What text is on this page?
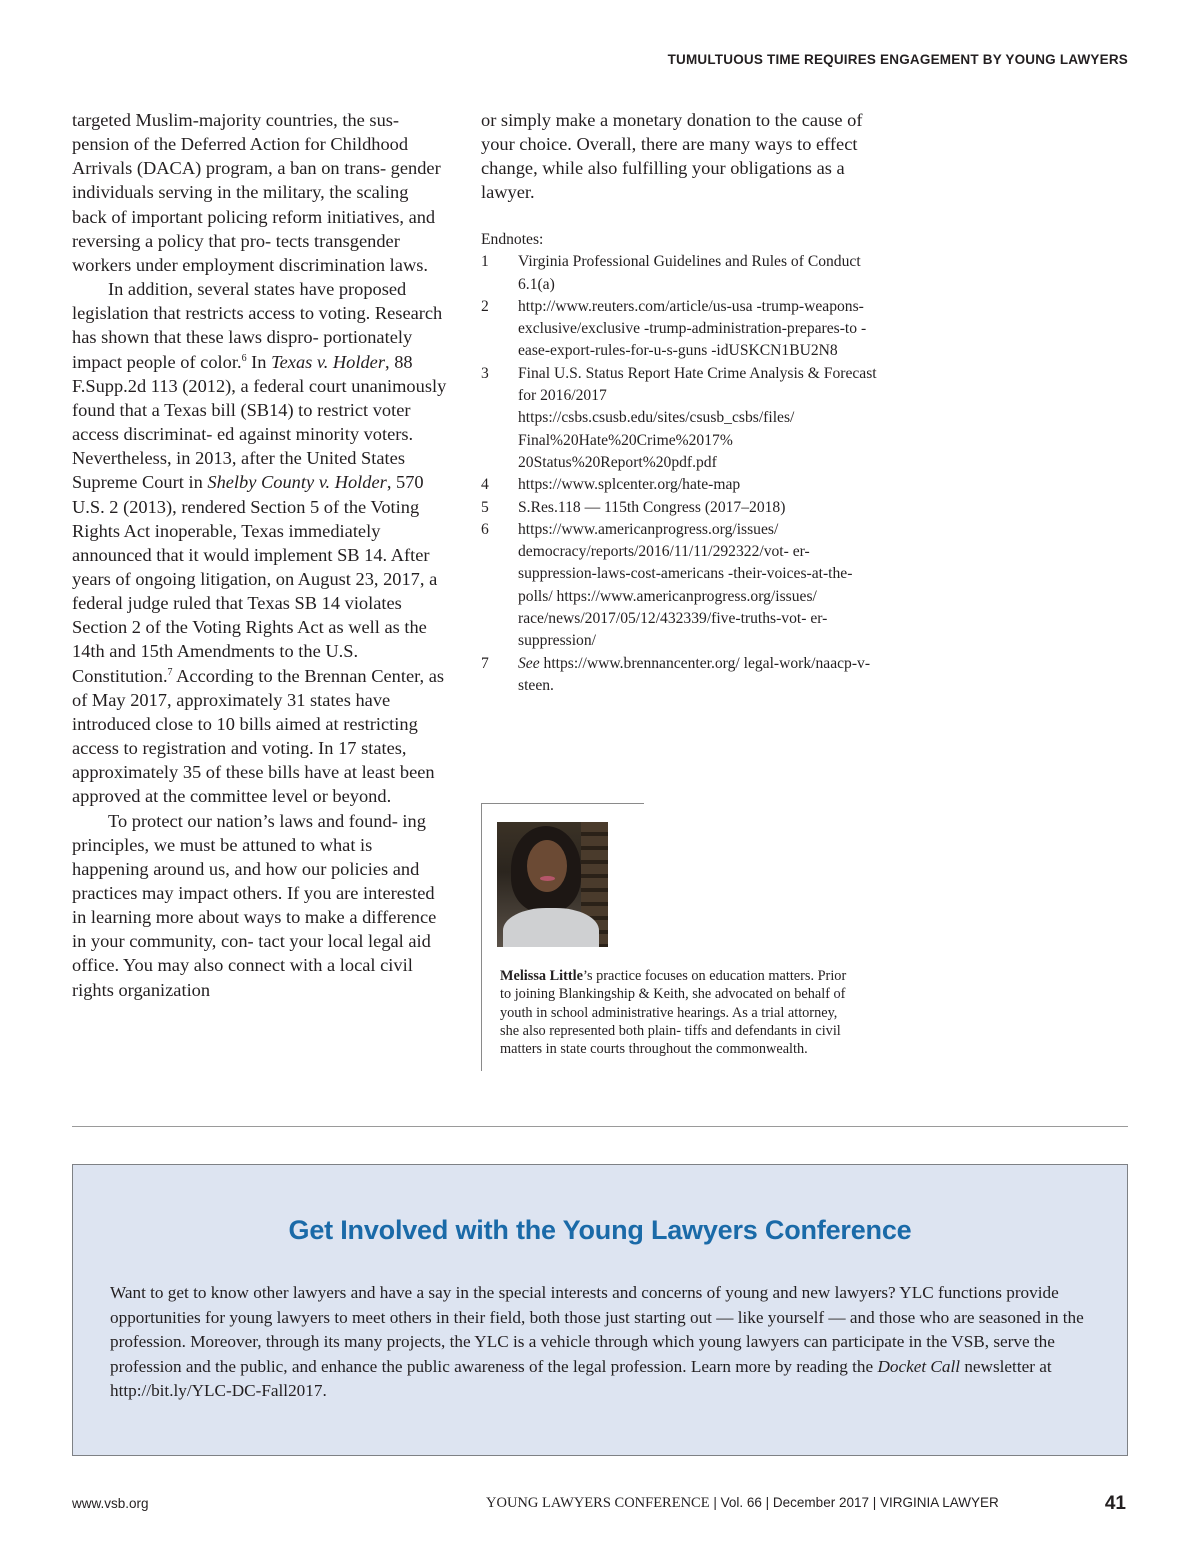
TUMULTUOUS TIME REQUIRES ENGAGEMENT BY YOUNG LAWYERS

targeted Muslim-majority countries, the sus- pension of the Deferred Action for Childhood Arrivals (DACA) program, a ban on trans- gender individuals serving in the military, the scaling back of important policing reform initiatives, and reversing a policy that pro- tects transgender workers under employment discrimination laws.

In addition, several states have proposed legislation that restricts access to voting. Research has shown that these laws dispro- portionately impact people of color.$^6$ In Texas v. Holder, 88 F.Supp.2d 113 (2012), a federal court unanimously found that a Texas bill (SB14) to restrict voter access discriminat- ed against minority voters. Nevertheless, in 2013, after the United States Supreme Court in Shelby County v. Holder, 570 U.S. 2 (2013), rendered Section 5 of the Voting Rights Act inoperable, Texas immediately announced that it would implement SB 14. After years of ongoing litigation, on August 23, 2017, a federal judge ruled that Texas SB 14 violates Section 2 of the Voting Rights Act as well as the 14th and 15th Amendments to the U.S. Constitution.$^7$ According to the Brennan Center, as of May 2017, approximately 31 states have introduced close to 10 bills aimed at restricting access to registration and voting. In 17 states, approximately 35 of these bills have at least been approved at the committee level or beyond.

To protect our nation’s laws and found- ing principles, we must be attuned to what is happening around us, and how our policies and practices may impact others. If you are interested in learning more about ways to make a difference in your community, con- tact your local legal aid office. You may also connect with a local civil rights organization

or simply make a monetary donation to the cause of your choice. Overall, there are many ways to effect change, while also fulfilling your obligations as a lawyer.

Endnotes:

1	Virginia Professional Guidelines and Rules of Conduct 6.1(a)
2	http://www.reuters.com/article/us-usa -trump-weapons-exclusive/exclusive -trump-administration-prepares-to -ease-export-rules-for-u-s-guns -idUSKCN1BU2N8
3	Final U.S. Status Report Hate Crime Analysis & Forecast for 2016/2017 https://csbs.csusb.edu/sites/csusb_csbs/files/ Final%20Hate%20Crime%2017% 20Status%20Report%20pdf.pdf
4	https://www.splcenter.org/hate-map
5	S.Res.118 — 115th Congress (2017–2018)
6	https://www.americanprogress.org/issues/ democracy/reports/2016/11/11/292322/vot- er-suppression-laws-cost-americans -their-voices-at-the-polls/ https://www.americanprogress.org/issues/ race/news/2017/05/12/432339/five-truths-vot- er-suppression/
7	See https://www.brennancenter.org/ legal-work/naacp-v-steen.
Melissa Little’s practice focuses on education matters. Prior to joining Blankingship & Keith, she advocated on behalf of youth in school administrative hearings. As a trial attorney, she also represented both plain- tiffs and defendants in civil matters in state courts throughout the commonwealth.
Get Involved with the Young Lawyers Conference
Want to get to know other lawyers and have a say in the special interests and concerns of young and new lawyers? YLC functions provide opportunities for young lawyers to meet others in their field, both those just starting out — like yourself — and those who are seasoned in the profession. Moreover, through its many projects, the YLC is a vehicle through which young lawyers can participate in the VSB, serve the profession and the public, and enhance the public awareness of the legal profession. Learn more by reading the Docket Call newsletter at http://bit.ly/YLC-DC-Fall2017.
www.vsb.org	YOUNG LAWYERS CONFERENCE | Vol. 66 | December 2017 | VIRGINIA LAWYER	41
